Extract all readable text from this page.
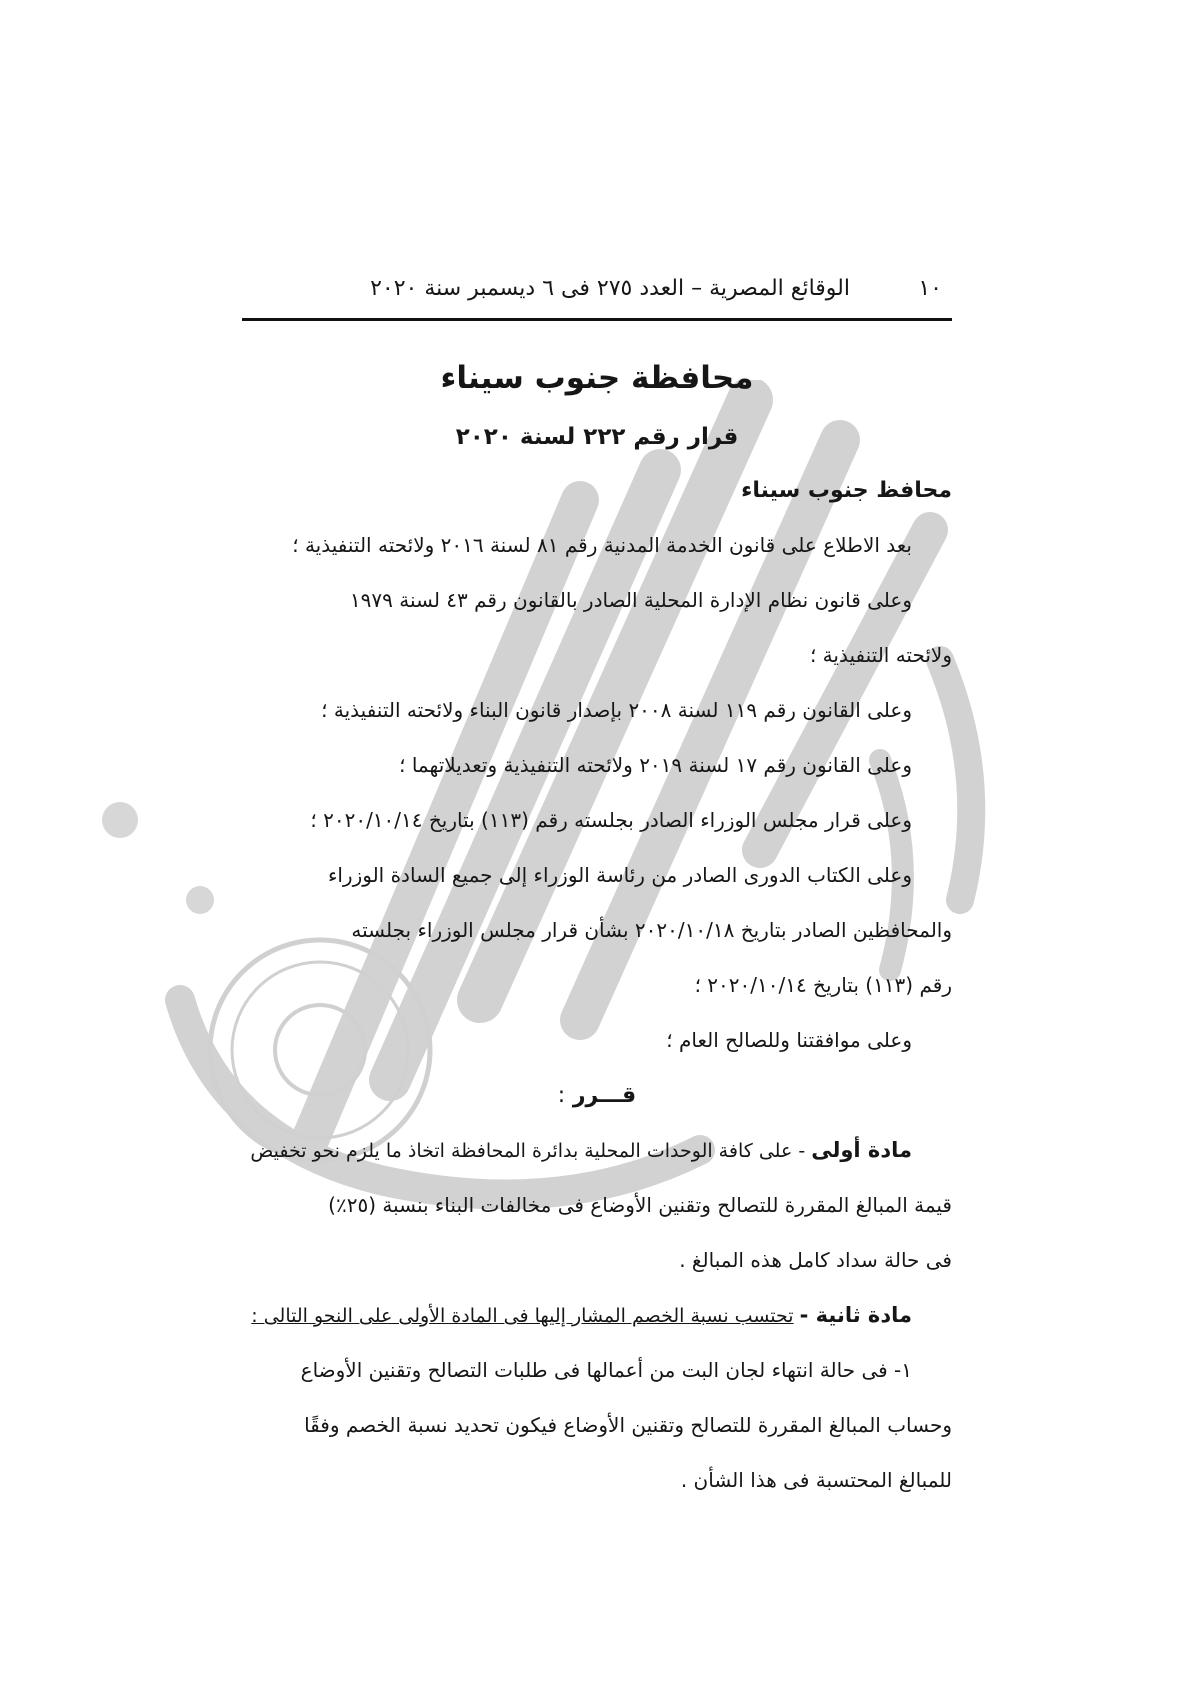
١٠
الوقائع المصرية – العدد ٢٧٥ فى ٦ ديسمبر سنة ٢٠٢٠
محافظة جنوب سيناء
قرار رقم ٢٢٢ لسنة ٢٠٢٠
محافظ جنوب سيناء
بعد الاطلاع على قانون الخدمة المدنية رقم ٨١ لسنة ٢٠١٦ ولائحته التنفيذية ؛
وعلى قانون نظام الإدارة المحلية الصادر بالقانون رقم ٤٣ لسنة ١٩٧٩
ولائحته التنفيذية ؛
وعلى القانون رقم ١١٩ لسنة ٢٠٠٨ بإصدار قانون البناء ولائحته التنفيذية ؛
وعلى القانون رقم ١٧ لسنة ٢٠١٩ ولائحته التنفيذية وتعديلاتهما ؛
وعلى قرار مجلس الوزراء الصادر بجلسته رقم (١١٣) بتاريخ ٢٠٢٠/١٠/١٤ ؛
وعلى الكتاب الدورى الصادر من رئاسة الوزراء إلى جميع السادة الوزراء
والمحافظين الصادر بتاريخ ٢٠٢٠/١٠/١٨ بشأن قرار مجلس الوزراء بجلسته
رقم (١١٣) بتاريخ ٢٠٢٠/١٠/١٤ ؛
وعلى موافقتنا وللصالح العام ؛
قـــرر :
مادة أولى - على كافة الوحدات المحلية بدائرة المحافظة اتخاذ ما يلزم نحو تخفيض
قيمة المبالغ المقررة للتصالح وتقنين الأوضاع فى مخالفات البناء بنسبة (٢٥٪)
فى حالة سداد كامل هذه المبالغ .
مادة ثانية - تحتسب نسبة الخصم المشار إليها فى المادة الأولى على النحو التالى :
١- فى حالة انتهاء لجان البت من أعمالها فى طلبات التصالح وتقنين الأوضاع
وحساب المبالغ المقررة للتصالح وتقنين الأوضاع فيكون تحديد نسبة الخصم وفقًا
للمبالغ المحتسبة فى هذا الشأن .
